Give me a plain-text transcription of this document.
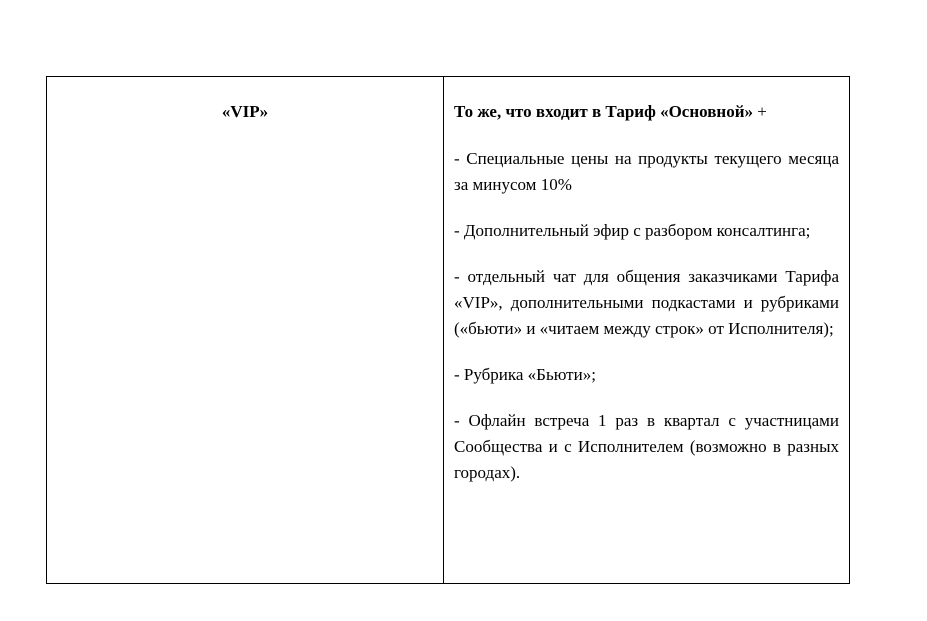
«VIP»	То же, что входит в Тариф «Основной» +

- Специальные цены на продукты текущего месяца за минусом 10%

- Дополнительный эфир с разбором консалтинга;

- отдельный чат для общения заказчиками Тарифа «VIP», дополнительными подкастами и рубриками («бьюти» и «читаем между строк» от Исполнителя);

- Рубрика «Бьюти»;

- Офлайн встреча 1 раз в квартал с участницами Сообщества и с Исполнителем (возможно в разных городах).
